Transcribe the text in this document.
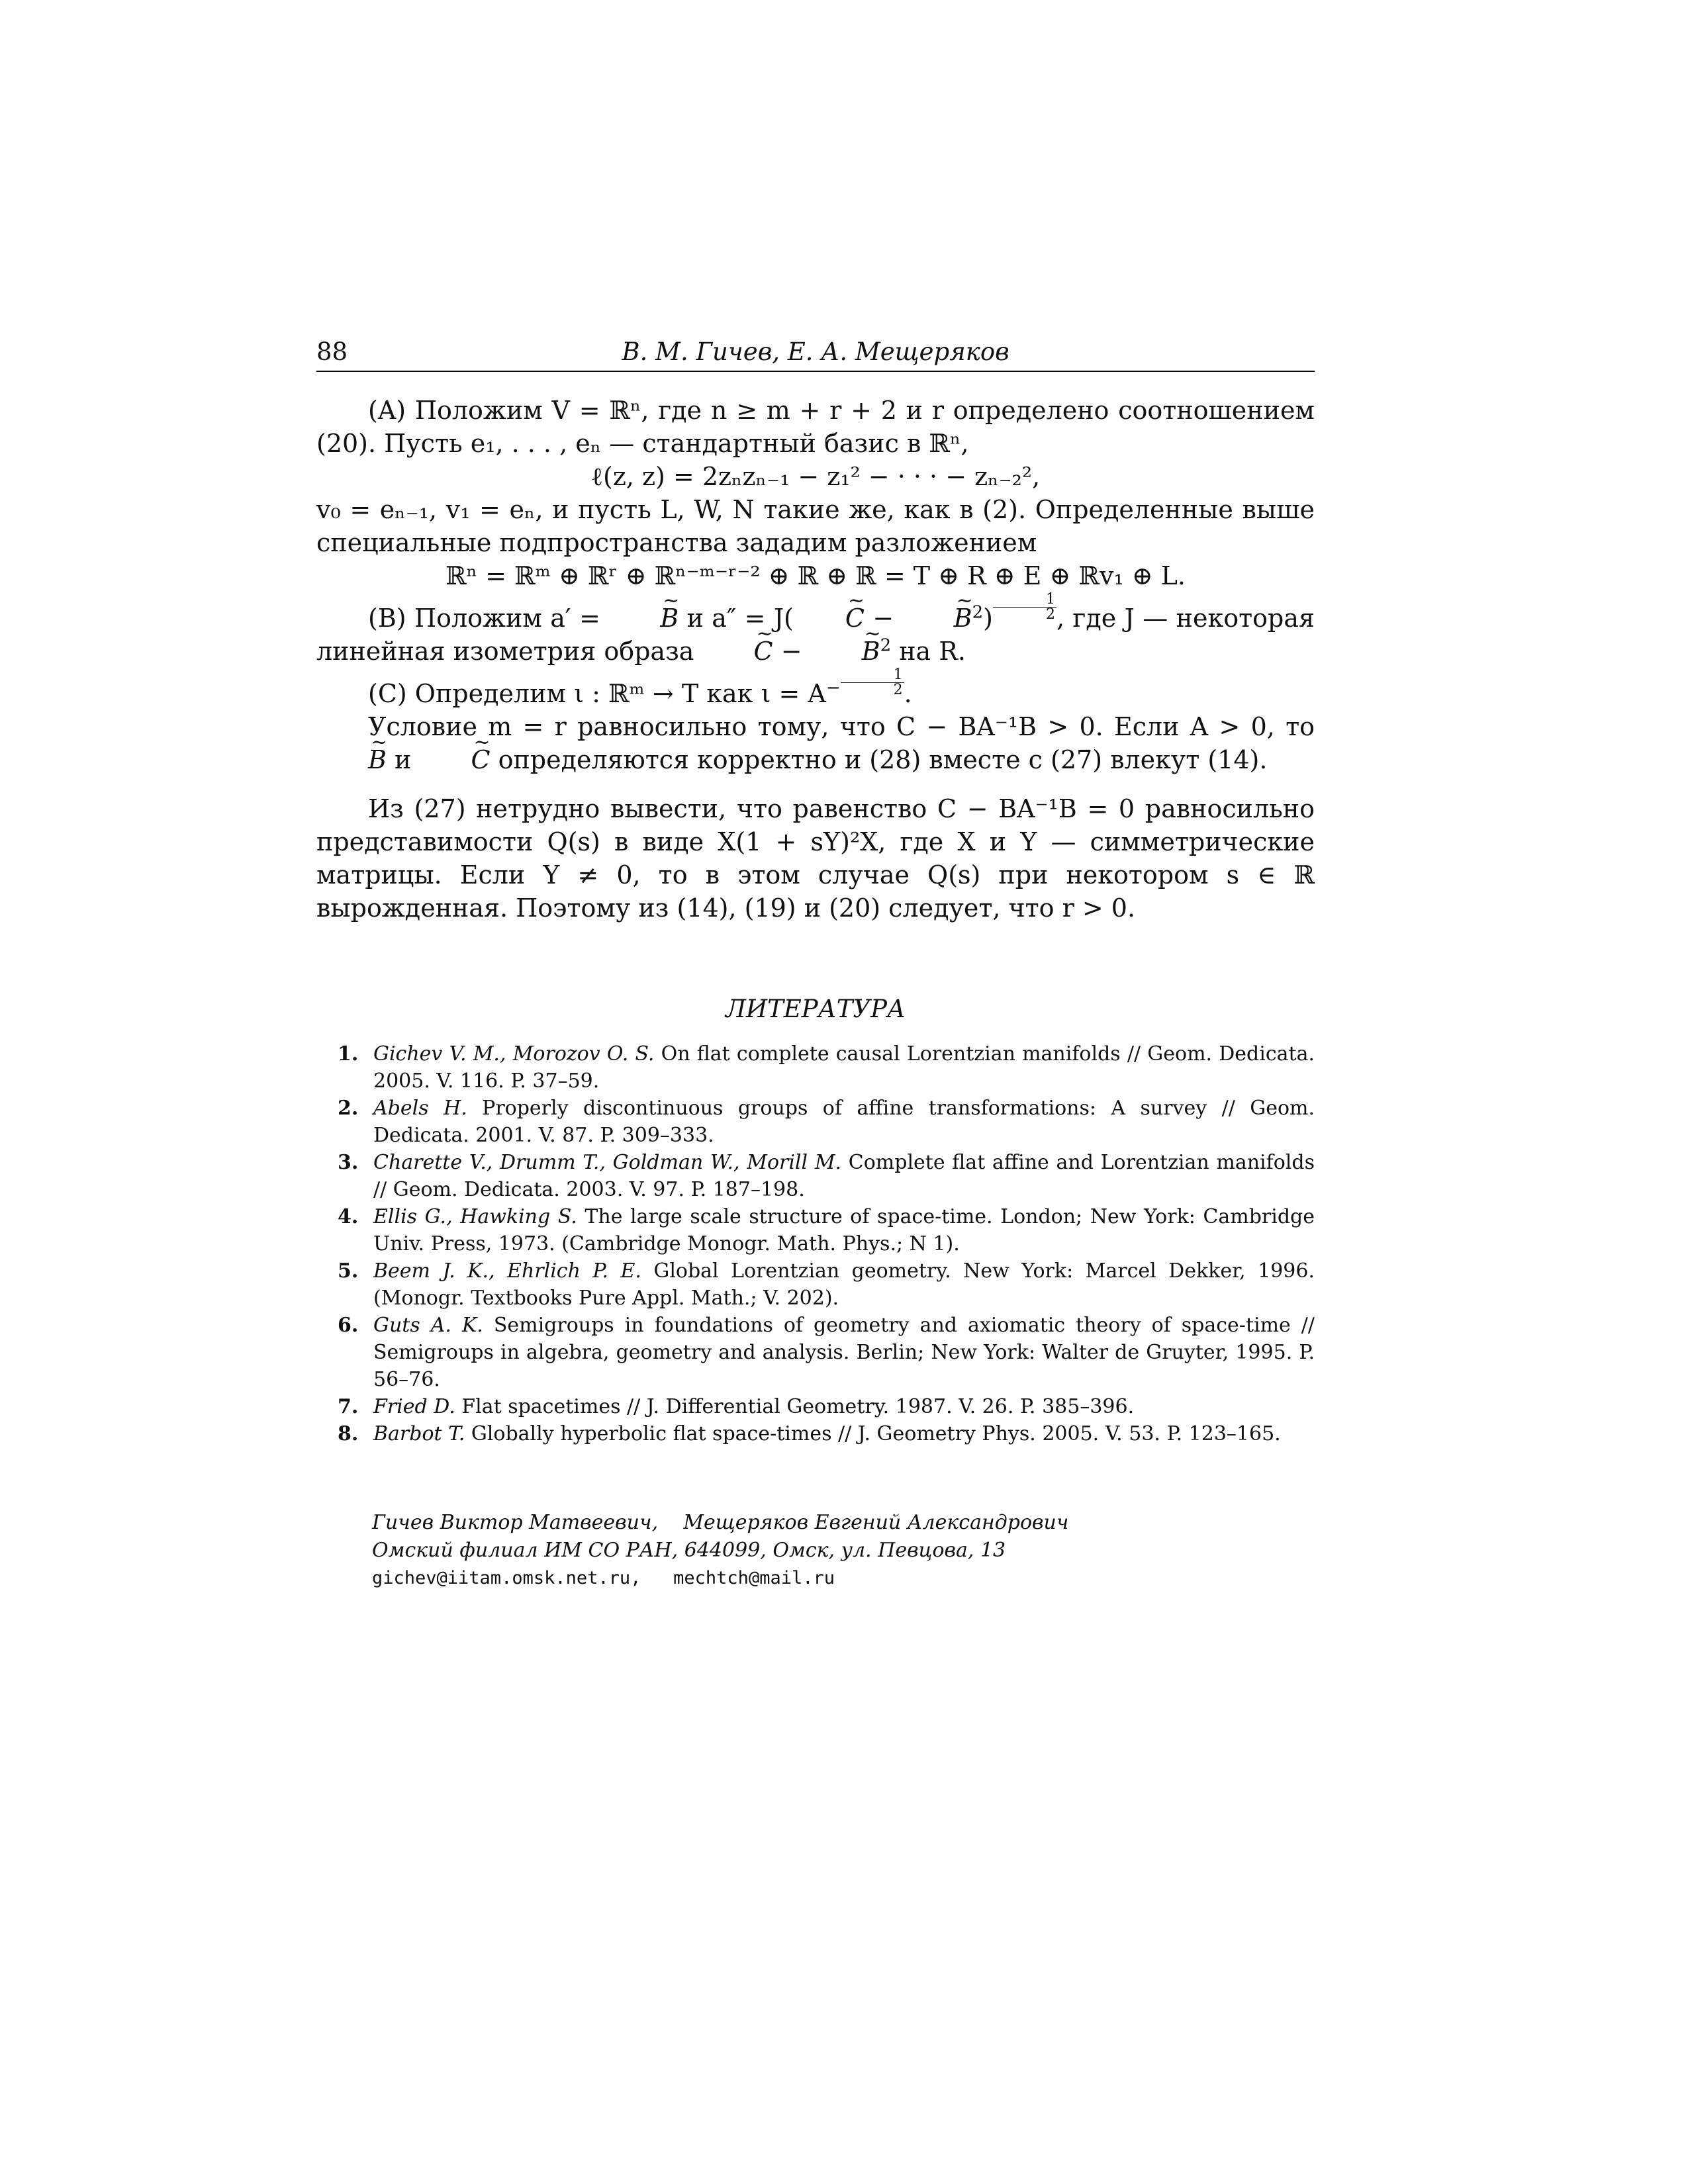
88	В. М. Гичев, Е. А. Мещеряков

(A) Положим V = ℝⁿ, где n ≥ m + r + 2 и r определено соотношением (20). Пусть e₁, . . . , eₙ — стандартный базис в ℝⁿ,

ℓ(z, z) = 2zₙzₙ₋₁ − z₁² − · · · − zₙ₋₂²,

v₀ = eₙ₋₁, v₁ = eₙ, и пусть L, W, N такие же, как в (2). Определенные выше специальные подпространства зададим разложением

ℝⁿ = ℝᵐ ⊕ ℝʳ ⊕ ℝⁿ⁻ᵐ⁻ʳ⁻² ⊕ ℝ ⊕ ℝ = T ⊕ R ⊕ E ⊕ ℝv₁ ⊕ L.

(B) Положим a′ = ~ B и a″ = J( ~ C − ~ $B^2) \frac{1}{2}$ , где J — некоторая линейная изометрия образа ~ C − ~ $B^2$ на R.

(C) Определим ι : ℝᵐ → T как $\iota = A^- \frac{1}{2}$ .

Условие m = r равносильно тому, что C − BA⁻¹B > 0. Если A > 0, то ~ B и ~ C определяются корректно и (28) вместе с (27) влекут (14).

Из (27) нетрудно вывести, что равенство C − BA⁻¹B = 0 равносильно представимости Q(s) в виде X(1 + sY)²X, где X и Y — симметрические матрицы. Если Y ≠ 0, то в этом случае Q(s) при некотором s ∈ ℝ вырожденная. Поэтому из (14), (19) и (20) следует, что r > 0.

ЛИТЕРАТУРА
1. Gichev V. M., Morozov O. S. On flat complete causal Lorentzian manifolds // Geom. Dedicata. 2005. V. 116. P. 37–59.
2. Abels H. Properly discontinuous groups of affine transformations: A survey // Geom. Dedicata. 2001. V. 87. P. 309–333.
3. Charette V., Drumm T., Goldman W., Morill M. Complete flat affine and Lorentzian manifolds // Geom. Dedicata. 2003. V. 97. P. 187–198.
4. Ellis G., Hawking S. The large scale structure of space-time. London; New York: Cambridge Univ. Press, 1973. (Cambridge Monogr. Math. Phys.; N 1).
5. Beem J. K., Ehrlich P. E. Global Lorentzian geometry. New York: Marcel Dekker, 1996. (Monogr. Textbooks Pure Appl. Math.; V. 202).
6. Guts A. K. Semigroups in foundations of geometry and axiomatic theory of space-time // Semigroups in algebra, geometry and analysis. Berlin; New York: Walter de Gruyter, 1995. P. 56–76.
7. Fried D. Flat spacetimes // J. Differential Geometry. 1987. V. 26. P. 385–396.
8. Barbot T. Globally hyperbolic flat space-times // J. Geometry Phys. 2005. V. 53. P. 123–165.
Гичев Виктор Матвеевич,    Мещеряков Евгений Александрович
Омский филиал ИМ СО РАН, 644099, Омск, ул. Певцова, 13
gichev@iitam.omsk.net.ru,   mechtch@mail.ru
